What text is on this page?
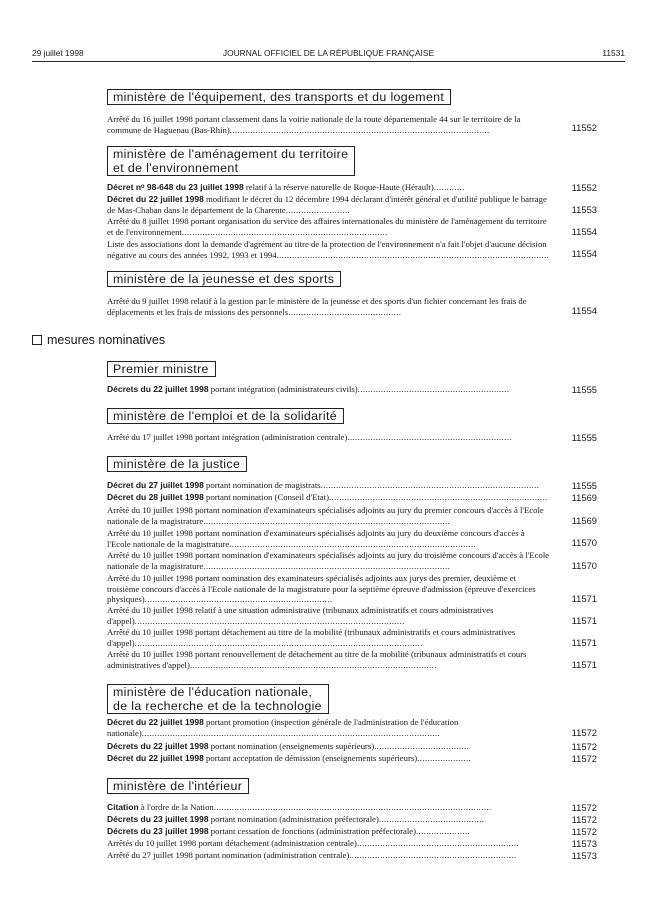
29 juillet 1998	JOURNAL OFFICIEL DE LA RÉPUBLIQUE FRANÇAISE	11531
ministère de l'équipement, des transports et du logement
Arrêté du 16 juillet 1998 portant classement dans la voirie nationale de la route départementale 44 sur le territoire de la commune de Haguenau (Bas-Rhin).....................................................................................................	11552
ministère de l'aménagement du territoire
et de l'environnement
Décret nᵒ 98-648 du 23 juillet 1998 relatif à la réserve naturelle de Roque-Haute (Hérault)............	11552
Décret du 22 juillet 1998 modifiant le décret du 12 décembre 1994 déclarant d'intérêt général et d'utilité publique le barrage de Mas-Chaban dans le département de la Charente.........................	11553
Arrêté du 8 juillet 1998 portant organisation du service des affaires internationales du ministère de l'aménagement du territoire et de l'environnement................................................................................	11554
Liste des associations dont la demande d'agrément au titre de la protection de l'environnement n'a fait l'objet d'aucune décision négative au cours des années 1992, 1993 et 1994..........................................................................................................	11554
ministère de la jeunesse et des sports
Arrêté du 9 juillet 1998 relatif à la gestion par le ministère de la jeunesse et des sports d'un fichier concernant les frais de déplacements et les frais de missions des personnels............................................	11554
mesures nominatives
Premier ministre
Décrets du 22 juillet 1998 portant intégration (administrateurs civils)...........................................................	11555
ministère de l'emploi et de la solidarité
Arrêté du 17 juillet 1998 portant intégration (administration centrale)................................................................	11555
ministère de la justice
Décret du 27 juillet 1998 portant nomination de magistrats.....................................................................................	11555
Décret du 28 juillet 1998 portant nomination (Conseil d'Etat).....................................................................................	11569
Arrêté du 10 juillet 1998 portant nomination d'examinateurs spécialisés adjoints au jury du premier concours d'accès à l'Ecole nationale de la magistrature................................................................................................	11569
Arrêté du 10 juillet 1998 portant nomination d'examinateurs spécialisés adjoints au jury du deuxième concours d'accès à l'Ecole nationale de la magistrature................................................................................................	11570
Arrêté du 10 juillet 1998 portant nomination d'examinateurs spécialisés adjoints au jury du troisième concours d'accès à l'Ecole nationale de la magistrature................................................................................................	11570
Arrêté du 10 juillet 1998 portant nomination des examinateurs spécialisés adjoints aux jurys des premier, deuxième et troisième concours d'accès à l'Ecole nationale de la magistrature pour la septième épreuve d'admission (épreuve d'exercices physiques).........................................................................	11571
Arrêté du 10 juillet 1998 relatif à une situation administrative (tribunaux administratifs et cours administratives d'appel).........................................................................................................	11571
Arrêté du 10 juillet 1998 portant détachement au titre de la mobilité (tribunaux administratifs et cours administratives d'appel)................................................................................................................	11571
Arrêté du 10 juillet 1998 portant renouvellement de détachement au titre de la mobilité (tribunaux administratifs et cours administratives d'appel)................................................................................................	11571
ministère de l'éducation nationale,
de la recherche et de la technologie
Décret du 22 juillet 1998 portant promotion (inspection générale de l'administration de l'éducation nationale)....................................................................................................................	11572
Décrets du 22 juillet 1998 portant nomination (enseignements supérieurs).....................................	11572
Décret du 22 juillet 1998 portant acceptation de démission (enseignements supérieurs).....................	11572
ministère de l'intérieur
Citation à l'ordre de la Nation............................................................................................................	11572
Décrets du 23 juillet 1998 portant nomination (administration préfectorale).........................................	11572
Décrets du 23 juillet 1998 portant cessation de fonctions (administration préfectorale).....................	11572
Arrêtés du 10 juillet 1998 portant détachement (administration centrale)...............................................................	11573
Arrêté du 27 juillet 1998 portant nomination (administration centrale).................................................................	11573
